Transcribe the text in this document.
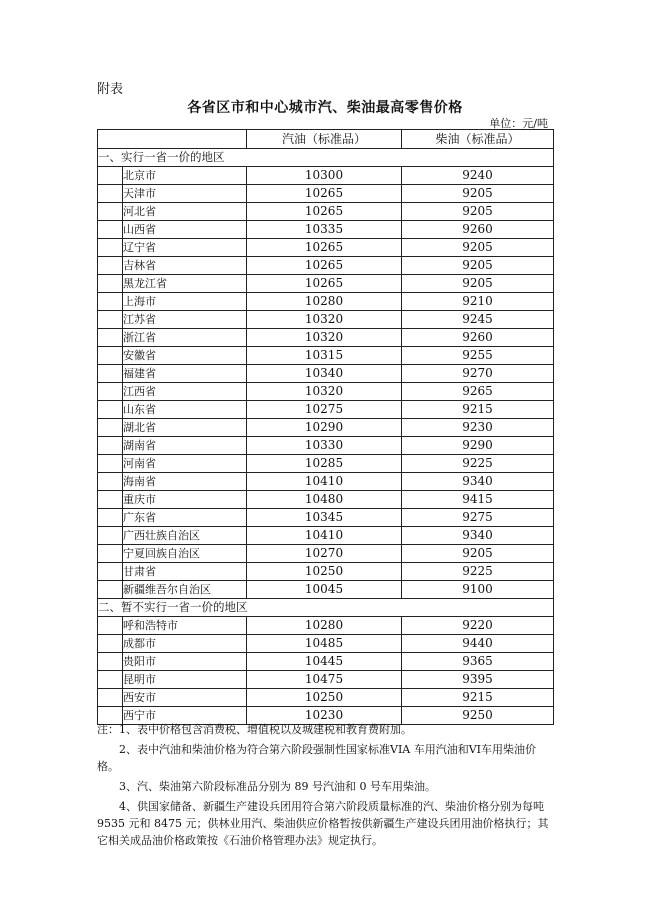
附表
各省区市和中心城市汽、柴油最高零售价格
单位：元/吨
		汽油（标准品）	柴油（标准品）
一、实行一省一价的地区			
	北京市	10300	9240
	天津市	10265	9205
	河北省	10265	9205
	山西省	10335	9260
	辽宁省	10265	9205
	吉林省	10265	9205
	黑龙江省	10265	9205
	上海市	10280	9210
	江苏省	10320	9245
	浙江省	10320	9260
	安徽省	10315	9255
	福建省	10340	9270
	江西省	10320	9265
	山东省	10275	9215
	湖北省	10290	9230
	湖南省	10330	9290
	河南省	10285	9225
	海南省	10410	9340
	重庆市	10480	9415
	广东省	10345	9275
	广西壮族自治区	10410	9340
	宁夏回族自治区	10270	9205
	甘肃省	10250	9225
	新疆维吾尔自治区	10045	9100
二、暂不实行一省一价的地区			
	呼和浩特市	10280	9220
	成都市	10485	9440
	贵阳市	10445	9365
	昆明市	10475	9395
	西安市	10250	9215
	西宁市	10230	9250
注： 1、表中价格包含消费税、增值税以及城建税和教育费附加。
2、表中汽油和柴油价格为符合第六阶段强制性国家标准VIA 车用汽油和VI车用柴油价格。
3、汽、柴油第六阶段标准品分别为 89 号汽油和 0 号车用柴油。
4、供国家储备、新疆生产建设兵团用符合第六阶段质量标准的汽、柴油价格分别为每吨 9535 元和 8475 元；供林业用汽、柴油供应价格暂按供新疆生产建设兵团用油价格执行；其它相关成品油价格政策按《石油价格管理办法》规定执行。
